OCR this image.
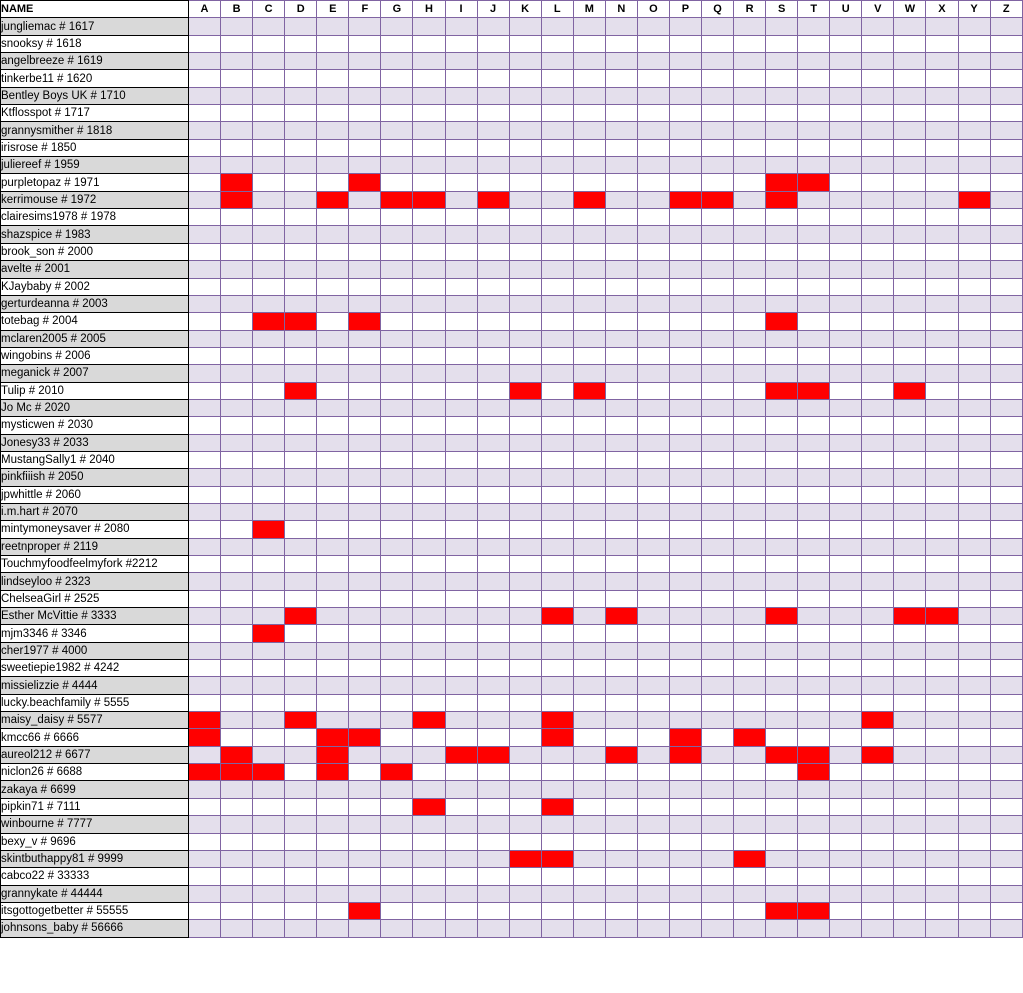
NAME	A	B	C	D	E	F	G	H	I	J	K	L	M	N	O	P	Q	R	S	T	U	V	W	X	Y	Z
jungliemac # 1617																										
snooksy # 1618																										
angelbreeze # 1619																										
tinkerbe11 # 1620																										
Bentley Boys UK # 1710																										
Ktflosspot # 1717																										
grannysmither # 1818																										
irisrose # 1850																										
juliereef # 1959																										
purpletopaz # 1971																										
kerrimouse # 1972																										
clairesims1978 # 1978																										
shazspice # 1983																										
brook_son # 2000																										
avelte # 2001																										
KJaybaby # 2002																										
gerturdeanna # 2003																										
totebag # 2004																										
mclaren2005 # 2005																										
wingobins # 2006																										
meganick # 2007																										
Tulip # 2010																										
Jo Mc # 2020																										
mysticwen # 2030																										
Jonesy33 # 2033																										
MustangSally1 # 2040																										
pinkfiiish # 2050																										
jpwhittle # 2060																										
i.m.hart # 2070																										
mintymoneysaver # 2080																										
reetnproper # 2119																										
Touchmyfoodfeelmyfork #2212																										
lindseyloo # 2323																										
ChelseaGirl # 2525																										
Esther McVittie # 3333																										
mjm3346 # 3346																										
cher1977 # 4000																										
sweetiepie1982 # 4242																										
missielizzie # 4444																										
lucky.beachfamily # 5555																										
maisy_daisy # 5577																										
kmcc66 # 6666																										
aureol212 # 6677																										
niclon26 # 6688																										
zakaya # 6699																										
pipkin71 # 7111																										
winbourne # 7777																										
bexy_v # 9696																										
skintbuthappy81 # 9999																										
cabco22 # 33333																										
grannykate # 44444																										
itsgottogetbetter # 55555																										
johnsons_baby # 56666																										
